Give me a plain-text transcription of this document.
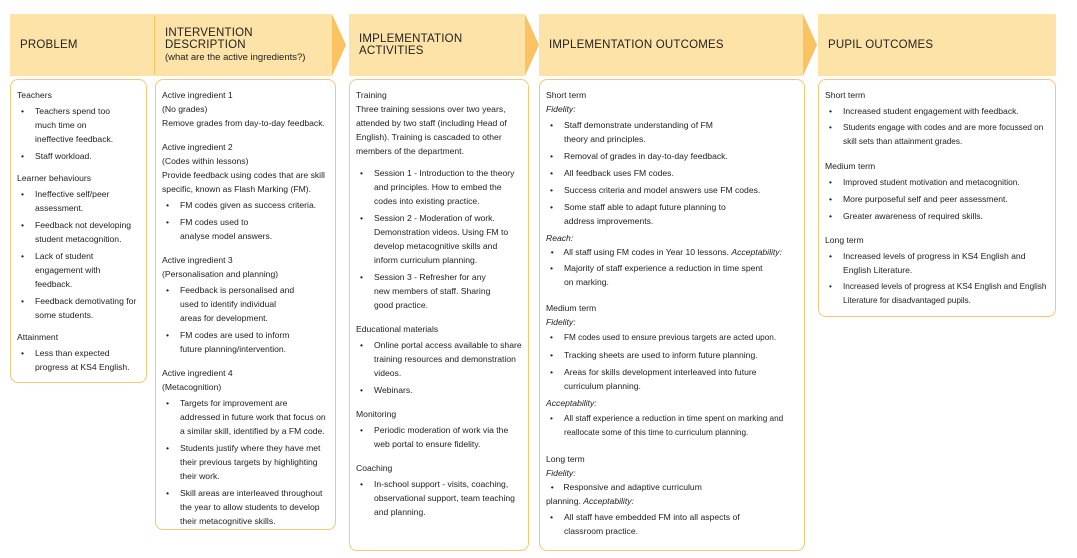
PROBLEM
INTERVENTION DESCRIPTION
(what are the active ingredients?)
IMPLEMENTATION ACTIVITIES	IMPLEMENTATION OUTCOMES	PUPIL OUTCOMES
Teachers
• Teachers spend too much time on ineffective feedback.
• Staff workload.
Learner behaviours
• Ineffective self/peer assessment.
• Feedback not developing student metacognition.
• Lack of student engagement with feedback.
• Feedback demotivating for some students.
Attainment
• Less than expected progress at KS4 English.
Active ingredient 1
(No grades)
Remove grades from day-to-day feedback.
Active ingredient 2
(Codes within lessons)
Provide feedback using codes that are skill specific, known as Flash Marking (FM).
• FM codes given as success criteria.
• FM codes used to analyse model answers.
Active ingredient 3
(Personalisation and planning)
• Feedback is personalised and used to identify individual areas for development.
• FM codes are used to inform future planning/intervention.
Active ingredient 4
(Metacognition)
• Targets for improvement are addressed in future work that focus on a similar skill, identified by a FM code.
• Students justify where they have met their previous targets by highlighting their work.
• Skill areas are interleaved throughout the year to allow students to develop their metacognitive skills.
Training
Three training sessions over two years, attended by two staff (including Head of English). Training is cascaded to other members of the department.
• Session 1 - Introduction to the theory and principles. How to embed the codes into existing practice.
• Session 2 - Moderation of work. Demonstration videos. Using FM to develop metacognitive skills and inform curriculum planning.
• Session 3 - Refresher for any new members of staff. Sharing good practice.
Educational materials
• Online portal access available to share training resources and demonstration videos.
• Webinars.
Monitoring
• Periodic moderation of work via the web portal to ensure fidelity.
Coaching
• In-school support - visits, coaching, observational support, team teaching and planning.
Short term
Fidelity:
• Staff demonstrate understanding of FM theory and principles.
• Removal of grades in day-to-day feedback.
• All feedback uses FM codes.
• Success criteria and model answers use FM codes.
• Some staff able to adapt future planning to address improvements.
Reach:
•    All staff using FM codes in Year 10 lessons. Acceptability:
• Majority of staff experience a reduction in time spent on marking.
Medium term
Fidelity:
• FM codes used to ensure previous targets are acted upon.
• Tracking sheets are used to inform future planning.
• Areas for skills development interleaved into future curriculum planning.
Acceptability:
• All staff experience a reduction in time spent on marking and reallocate some of this time to curriculum planning.
Long term
Fidelity:
•    Responsive and adaptive curriculum planning. Acceptability:
• All staff have embedded FM into all aspects of classroom practice.
Short term
• Increased student engagement with feedback.
• Students engage with codes and are more focussed on skill sets than attainment grades.
Medium term
• Improved student motivation and metacognition.
• More purposeful self and peer assessment.
• Greater awareness of required skills.
Long term
• Increased levels of progress in KS4 English and English Literature.
• Increased levels of progress at KS4 English and English Literature for disadvantaged pupils.
